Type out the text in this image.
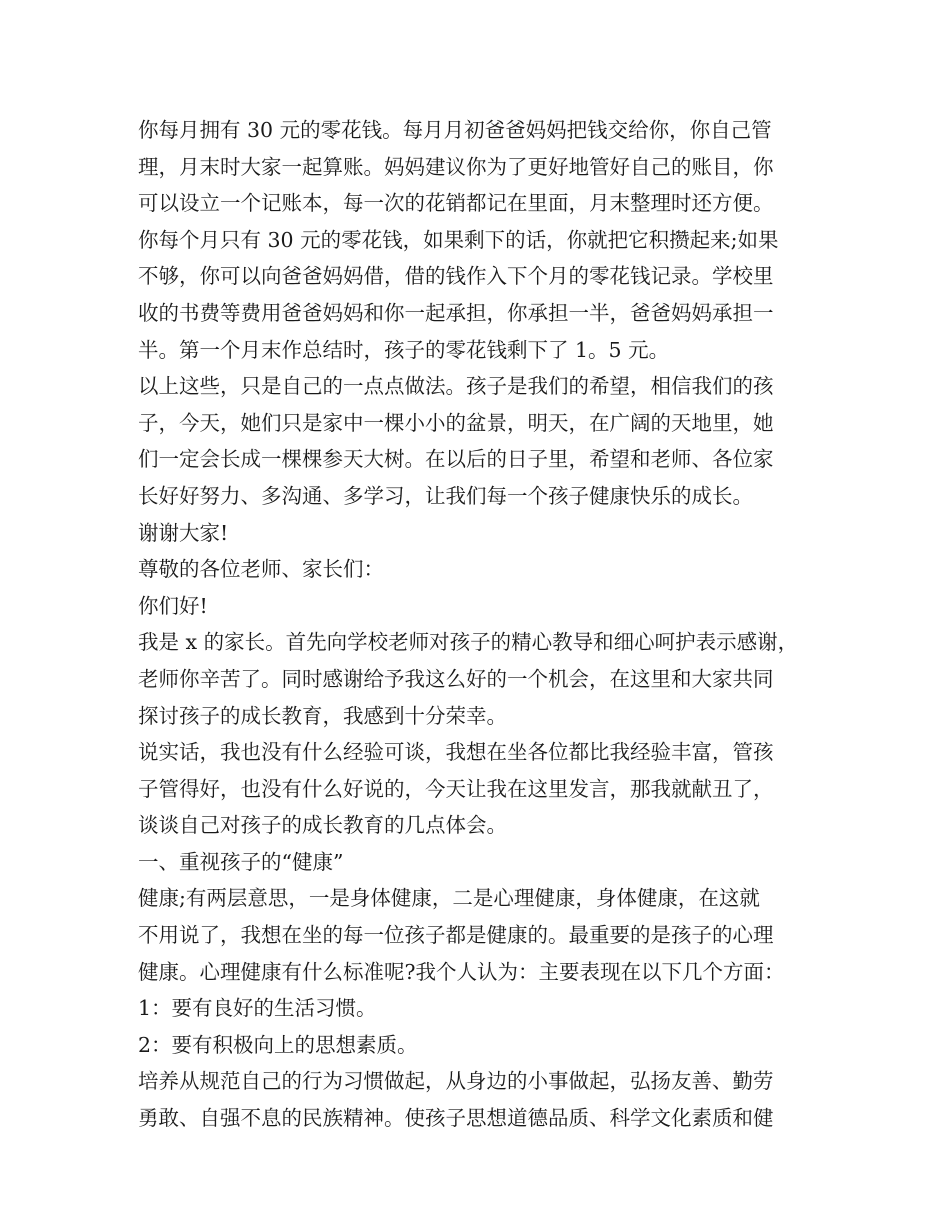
你每月拥有 30 元的零花钱。每月月初爸爸妈妈把钱交给你，你自己管
理，月末时大家一起算账。妈妈建议你为了更好地管好自己的账目，你
可以设立一个记账本，每一次的花销都记在里面，月末整理时还方便。
你每个月只有 30 元的零花钱，如果剩下的话，你就把它积攒起来;如果
不够，你可以向爸爸妈妈借，借的钱作入下个月的零花钱记录。学校里
收的书费等费用爸爸妈妈和你一起承担，你承担一半，爸爸妈妈承担一
半。第一个月末作总结时，孩子的零花钱剩下了 1。5 元。
以上这些，只是自己的一点点做法。孩子是我们的希望，相信我们的孩
子，今天，她们只是家中一棵小小的盆景，明天，在广阔的天地里，她
们一定会长成一棵棵参天大树。在以后的日子里，希望和老师、各位家
长好好努力、多沟通、多学习，让我们每一个孩子健康快乐的成长。
谢谢大家!
尊敬的各位老师、家长们：
你们好!
我是 x 的家长。首先向学校老师对孩子的精心教导和细心呵护表示感谢，
老师你辛苦了。同时感谢给予我这么好的一个机会，在这里和大家共同
探讨孩子的成长教育，我感到十分荣幸。
说实话，我也没有什么经验可谈，我想在坐各位都比我经验丰富，管孩
子管得好，也没有什么好说的，今天让我在这里发言，那我就献丑了，
谈谈自己对孩子的成长教育的几点体会。
一、重视孩子的“健康”
健康;有两层意思，一是身体健康，二是心理健康，身体健康，在这就
不用说了，我想在坐的每一位孩子都是健康的。最重要的是孩子的心理
健康。心理健康有什么标准呢?我个人认为：主要表现在以下几个方面：
1：要有良好的生活习惯。
2：要有积极向上的思想素质。
培养从规范自己的行为习惯做起，从身边的小事做起，弘扬友善、勤劳
勇敢、自强不息的民族精神。使孩子思想道德品质、科学文化素质和健
